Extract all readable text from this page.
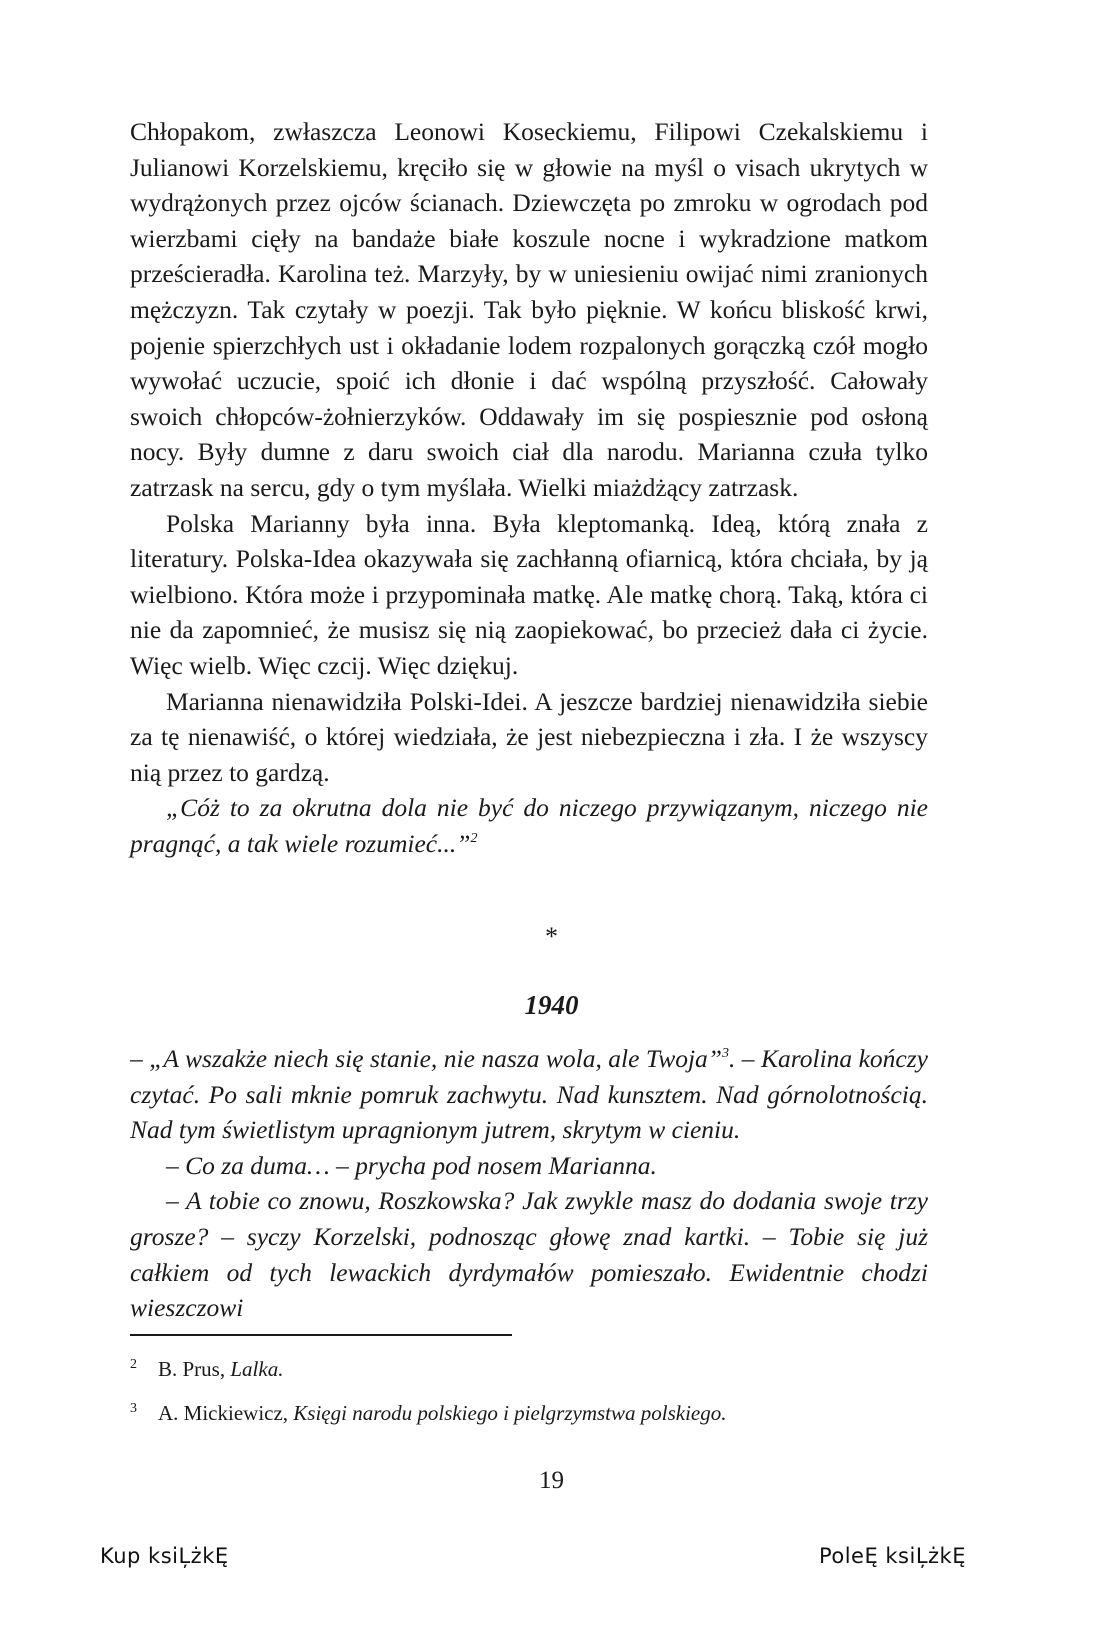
Chłopakom, zwłaszcza Leonowi Koseckiemu, Filipowi Czekalskiemu i Julianowi Korzelskiemu, kręciło się w głowie na myśl o visach ukrytych w wydrążonych przez ojców ścianach. Dziewczęta po zmroku w ogrodach pod wierzbami cięły na bandaże białe koszule nocne i wykradzione matkom prześcieradła. Karolina też. Marzyły, by w uniesieniu owijać nimi zranionych mężczyzn. Tak czytały w poezji. Tak było pięknie. W końcu bliskość krwi, pojenie spierzchłych ust i okładanie lodem rozpalonych gorączką czół mogło wywołać uczucie, spoić ich dłonie i dać wspólną przyszłość. Całowały swoich chłopców-żołnierzyków. Oddawały im się pospiesznie pod osłoną nocy. Były dumne z daru swoich ciał dla narodu. Marianna czuła tylko zatrzask na sercu, gdy o tym myślała. Wielki miażdżący zatrzask.

Polska Marianny była inna. Była kleptomanką. Ideą, którą znała z literatury. Polska-Idea okazywała się zachłanną ofiarnicą, która chciała, by ją wielbiono. Która może i przypominała matkę. Ale matkę chorą. Taką, która ci nie da zapomnieć, że musisz się nią zaopiekować, bo przecież dała ci życie. Więc wielb. Więc czcij. Więc dziękuj.

Marianna nienawidziła Polski-Idei. A jeszcze bardziej nienawidziła siebie za tę nienawiść, o której wiedziała, że jest niebezpieczna i zła. I że wszyscy nią przez to gardzą.

„Cóż to za okrutna dola nie być do niczego przywiązanym, niczego nie pragnąć, a tak wiele rozumieć...”$^2$

*
1940

– „A wszakże niech się stanie, nie nasza wola, ale Twoja”$^3$. – Karolina kończy czytać. Po sali mknie pomruk zachwytu. Nad kunsztem. Nad górnolotnością. Nad tym świetlistym upragnionym jutrem, skrytym w cieniu.

– Co za duma… – prycha pod nosem Marianna.

– A tobie co znowu, Roszkowska? Jak zwykle masz do dodania swoje trzy grosze? – syczy Korzelski, podnosząc głowę znad kartki. – Tobie się już całkiem od tych lewackich dyrdymałów pomieszało. Ewidentnie chodzi wieszczowi

2 B. Prus, Lalka.
3 A. Mickiewicz, Księgi narodu polskiego i pielgrzymstwa polskiego.
19
Kup ksiĻżkĘ	PoleĘ ksiĻżkĘ
